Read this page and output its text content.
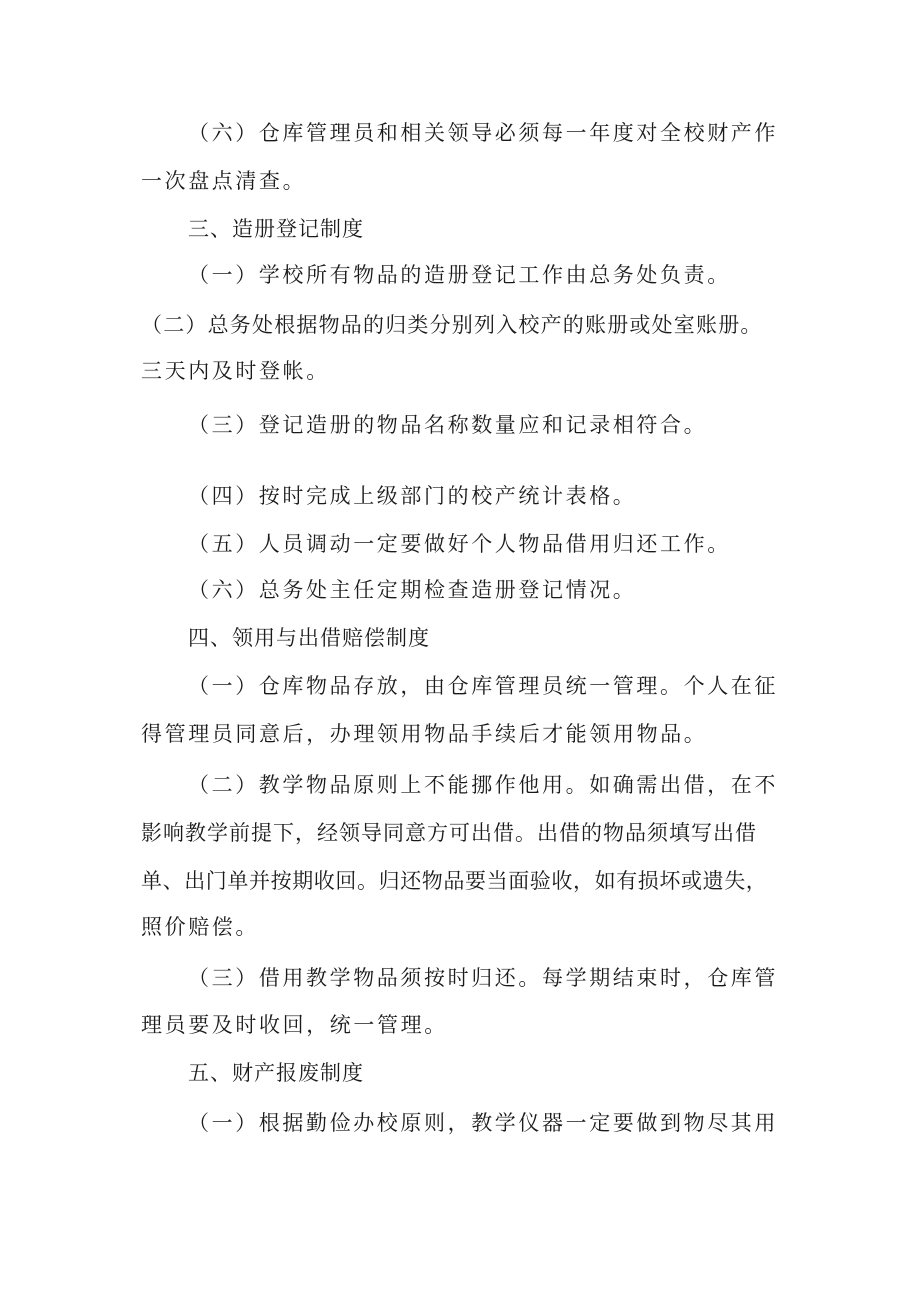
（六）仓库管理员和相关领导必须每一年度对全校财产作
一次盘点清查。
三、造册登记制度
（一）学校所有物品的造册登记工作由总务处负责。
（二）总务处根据物品的归类分别列入校产的账册或处室账册。
三天内及时登帐。
（三）登记造册的物品名称数量应和记录相符合。
（四）按时完成上级部门的校产统计表格。
（五）人员调动一定要做好个人物品借用归还工作。
（六）总务处主任定期检查造册登记情况。
四、领用与出借赔偿制度
（一）仓库物品存放，由仓库管理员统一管理。个人在征
得管理员同意后，办理领用物品手续后才能领用物品。
（二）教学物品原则上不能挪作他用。如确需出借，在不
影响教学前提下，经领导同意方可出借。出借的物品须填写出借
单、出门单并按期收回。归还物品要当面验收，如有损坏或遗失，
照价赔偿。
（三）借用教学物品须按时归还。每学期结束时，仓库管
理员要及时收回，统一管理。
五、财产报废制度
（一）根据勤俭办校原则，教学仪器一定要做到物尽其用
